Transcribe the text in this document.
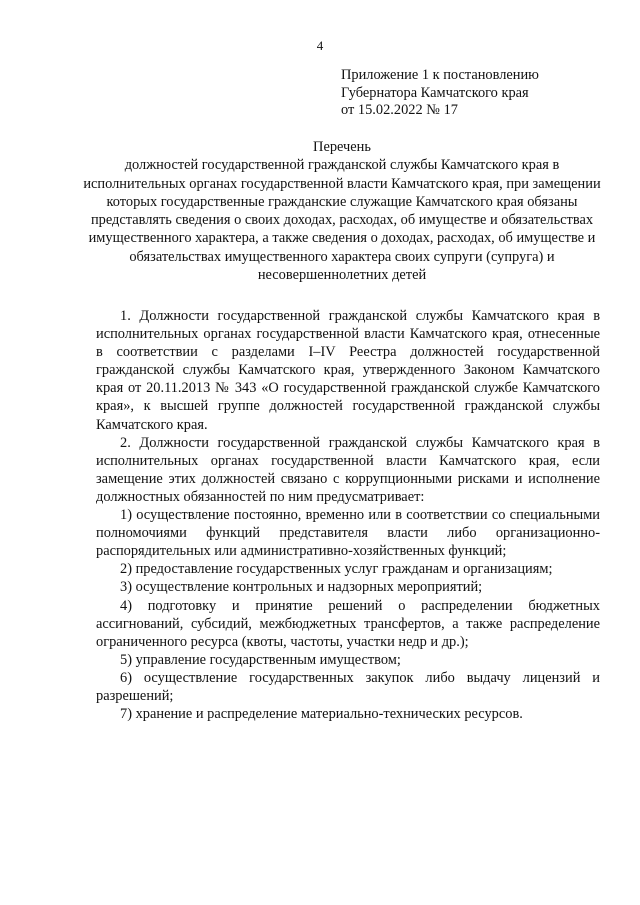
4
Приложение 1 к постановлению
Губернатора Камчатского края
от 15.02.2022 № 17
Перечень
должностей государственной гражданской службы Камчатского края в исполнительных органах государственной власти Камчатского края, при замещении которых государственные гражданские служащие Камчатского края обязаны представлять сведения о своих доходах, расходах, об имуществе и обязательствах имущественного характера, а также сведения о доходах, расходах, об имуществе и обязательствах имущественного характера своих супруги (супруга) и несовершеннолетних детей

1. Должности государственной гражданской службы Камчатского края в исполнительных органах государственной власти Камчатского края, отнесенные в соответствии с разделами I–IV Реестра должностей государственной гражданской службы Камчатского края, утвержденного Законом Камчатского края от 20.11.2013 № 343 «О государственной гражданской службе Камчатского края», к высшей группе должностей государственной гражданской службы Камчатского края.

2. Должности государственной гражданской службы Камчатского края в исполнительных органах государственной власти Камчатского края, если замещение этих должностей связано с коррупционными рисками и исполнение должностных обязанностей по ним предусматривает:

1) осуществление постоянно, временно или в соответствии со специальными полномочиями функций представителя власти либо организационно-распорядительных или административно-хозяйственных функций;

2) предоставление государственных услуг гражданам и организациям;

3) осуществление контрольных и надзорных мероприятий;

4) подготовку и принятие решений о распределении бюджетных ассигнований, субсидий, межбюджетных трансфертов, а также распределение ограниченного ресурса (квоты, частоты, участки недр и др.);

5) управление государственным имуществом;

6) осуществление государственных закупок либо выдачу лицензий и разрешений;

7) хранение и распределение материально-технических ресурсов.
